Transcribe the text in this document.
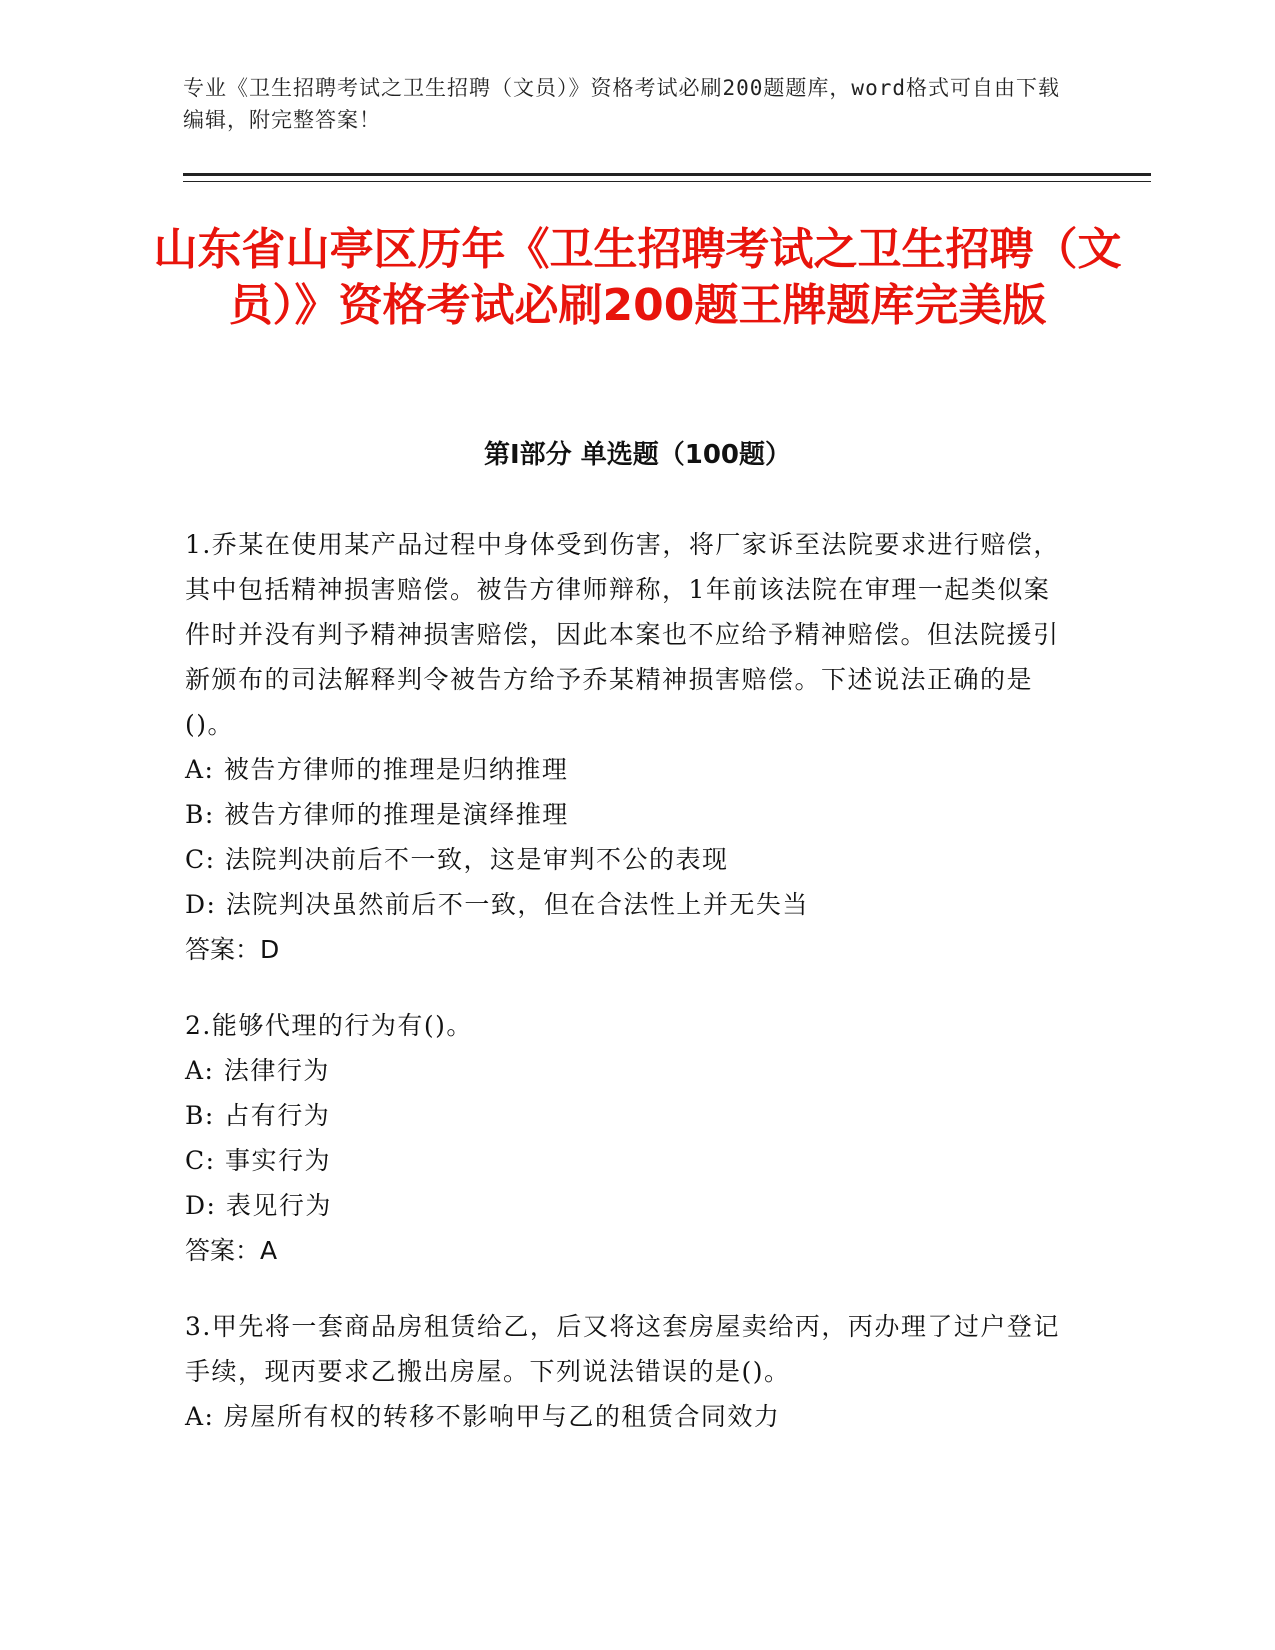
专业《卫生招聘考试之卫生招聘（文员）》资格考试必刷200题题库，word格式可自由下载编辑，附完整答案！
山东省山亭区历年《卫生招聘考试之卫生招聘（文员）》资格考试必刷200题王牌题库完美版
第Ⅰ部分 单选题（100题）

1.乔某在使用某产品过程中身体受到伤害，将厂家诉至法院要求进行赔偿，其中包括精神损害赔偿。被告方律师辩称，1年前该法院在审理一起类似案件时并没有判予精神损害赔偿，因此本案也不应给予精神赔偿。但法院援引新颁布的司法解释判令被告方给予乔某精神损害赔偿。下述说法正确的是()。

A: 被告方律师的推理是归纳推理

B: 被告方律师的推理是演绎推理

C: 法院判决前后不一致，这是审判不公的表现

D: 法院判决虽然前后不一致，但在合法性上并无失当

答案：D

2.能够代理的行为有()。

A: 法律行为

B: 占有行为

C: 事实行为

D: 表见行为

答案：A

3.甲先将一套商品房租赁给乙，后又将这套房屋卖给丙，丙办理了过户登记手续，现丙要求乙搬出房屋。下列说法错误的是()。

A: 房屋所有权的转移不影响甲与乙的租赁合同效力
